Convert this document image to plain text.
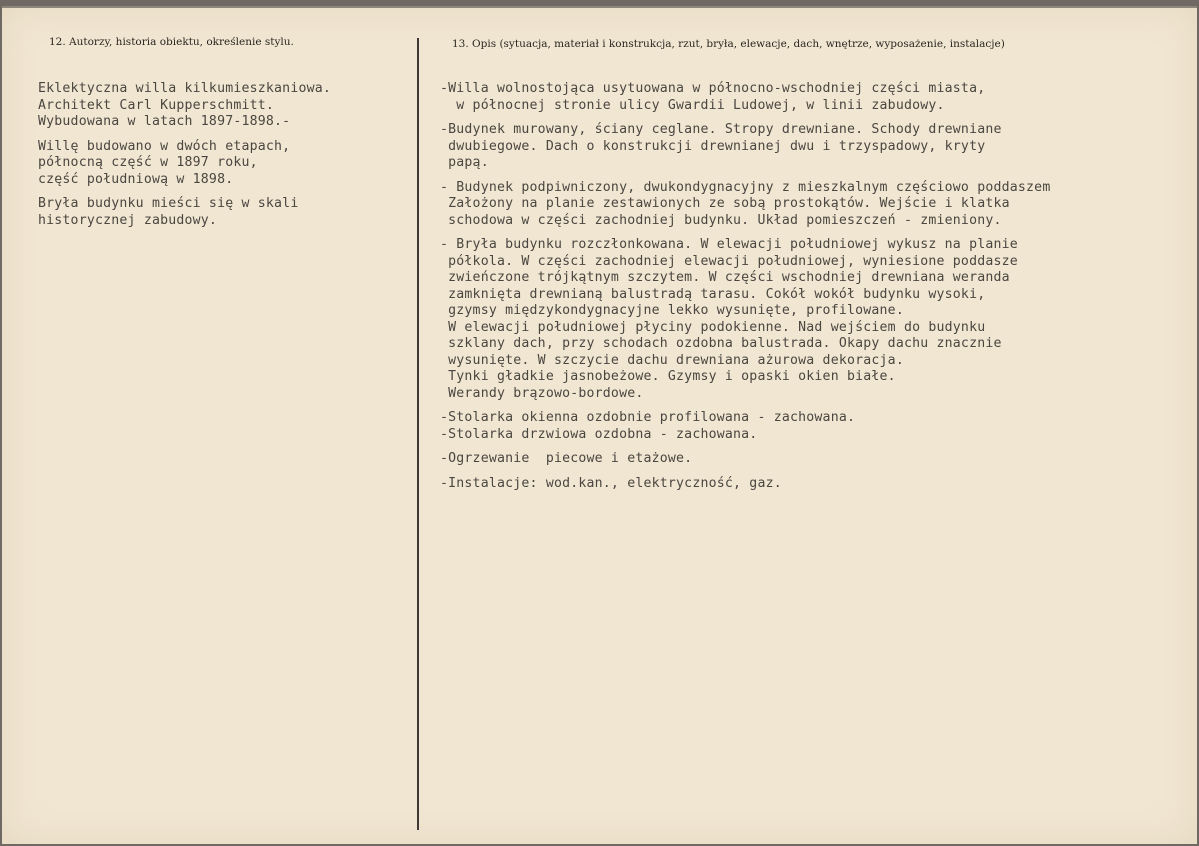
12. Autorzy, historia obiektu, określenie stylu.	13. Opis (sytuacja, materiał i konstrukcja, rzut, bryła, elewacje, dach, wnętrze, wyposażenie, instalacje)

Eklektyczna willa kilkumieszkaniowa.
Architekt Carl Kupperschmitt.
Wybudowana w latach 1897-1898.-

Willę budowano w dwóch etapach,
północną część w 1897 roku,
część południową w 1898.

Bryła budynku mieści się w skali
historycznej zabudowy.

-Willa wolnostojąca usytuowana w północno-wschodniej części miasta,
w północnej stronie ulicy Gwardii Ludowej, w linii zabudowy.

-Budynek murowany, ściany ceglane. Stropy drewniane. Schody drewniane
dwubiegowe. Dach o konstrukcji drewnianej dwu i trzyspadowy, kryty
papą.

- Budynek podpiwniczony, dwukondygnacyjny z mieszkalnym częściowo poddaszem
Założony na planie zestawionych ze sobą prostokątów. Wejście i klatka
schodowa w części zachodniej budynku. Układ pomieszczeń - zmieniony.

- Bryła budynku rozczłonkowana. W elewacji południowej wykusz na planie
półkola. W części zachodniej elewacji południowej, wyniesione poddasze
zwieńczone trójkątnym szczytem. W części wschodniej drewniana weranda
zamknięta drewnianą balustradą tarasu. Cokół wokół budynku wysoki,
gzymsy międzykondygnacyjne lekko wysunięte, profilowane.
W elewacji południowej płyciny podokienne. Nad wejściem do budynku
szklany dach, przy schodach ozdobna balustrada. Okapy dachu znacznie
wysunięte. W szczycie dachu drewniana ażurowa dekoracja.
Tynki gładkie jasnobeżowe. Gzymsy i opaski okien białe.
Werandy brązowo-bordowe.

-Stolarka okienna ozdobnie profilowana - zachowana.
-Stolarka drzwiowa ozdobna - zachowana.

-Ogrzewanie  piecowe i etażowe.

-Instalacje: wod.kan., elektryczność, gaz.
